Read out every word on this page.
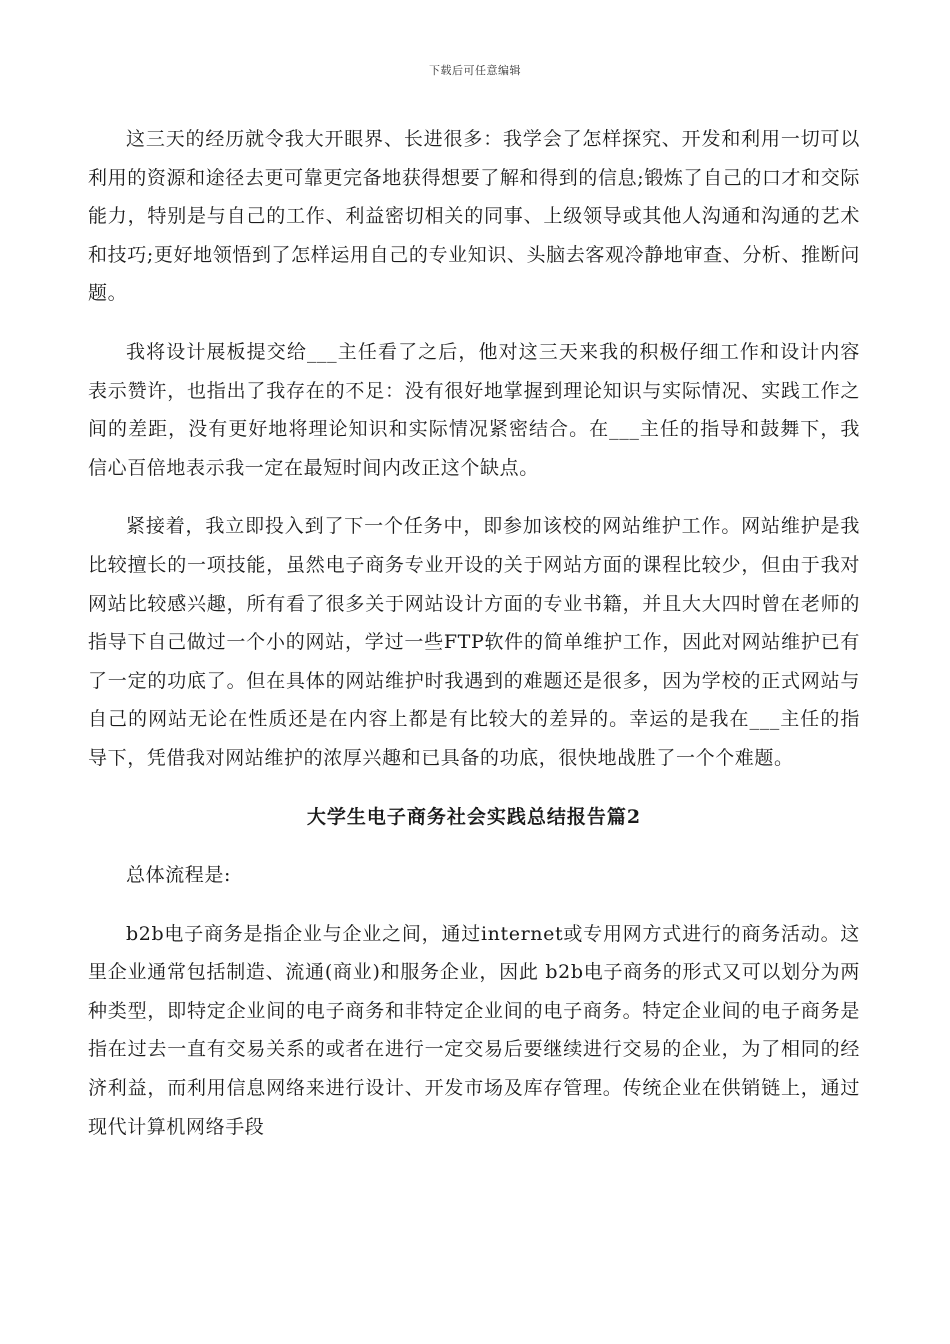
下载后可任意编辑

这三天的经历就令我大开眼界、长进很多：我学会了怎样探究、开发和利用一切可以利用的资源和途径去更可靠更完备地获得想要了解和得到的信息;锻炼了自己的口才和交际能力，特别是与自己的工作、利益密切相关的同事、上级领导或其他人沟通和沟通的艺术和技巧;更好地领悟到了怎样运用自己的专业知识、头脑去客观冷静地审查、分析、推断问题。

我将设计展板提交给___主任看了之后，他对这三天来我的积极仔细工作和设计内容表示赞许，也指出了我存在的不足：没有很好地掌握到理论知识与实际情况、实践工作之间的差距，没有更好地将理论知识和实际情况紧密结合。在___主任的指导和鼓舞下，我信心百倍地表示我一定在最短时间内改正这个缺点。

紧接着，我立即投入到了下一个任务中，即参加该校的网站维护工作。网站维护是我比较擅长的一项技能，虽然电子商务专业开设的关于网站方面的课程比较少，但由于我对网站比较感兴趣，所有看了很多关于网站设计方面的专业书籍，并且大大四时曾在老师的指导下自己做过一个小的网站，学过一些FTP软件的简单维护工作，因此对网站维护已有了一定的功底了。但在具体的网站维护时我遇到的难题还是很多，因为学校的正式网站与自己的网站无论在性质还是在内容上都是有比较大的差异的。幸运的是我在___主任的指导下，凭借我对网站维护的浓厚兴趣和已具备的功底，很快地战胜了一个个难题。

大学生电子商务社会实践总结报告篇2

总体流程是:

b2b电子商务是指企业与企业之间，通过internet或专用网方式进行的商务活动。这里企业通常包括制造、流通(商业)和服务企业，因此 b2b电子商务的形式又可以划分为两种类型，即特定企业间的电子商务和非特定企业间的电子商务。特定企业间的电子商务是指在过去一直有交易关系的或者在进行一定交易后要继续进行交易的企业，为了相同的经济利益，而利用信息网络来进行设计、开发市场及库存管理。传统企业在供销链上，通过现代计算机网络手段
